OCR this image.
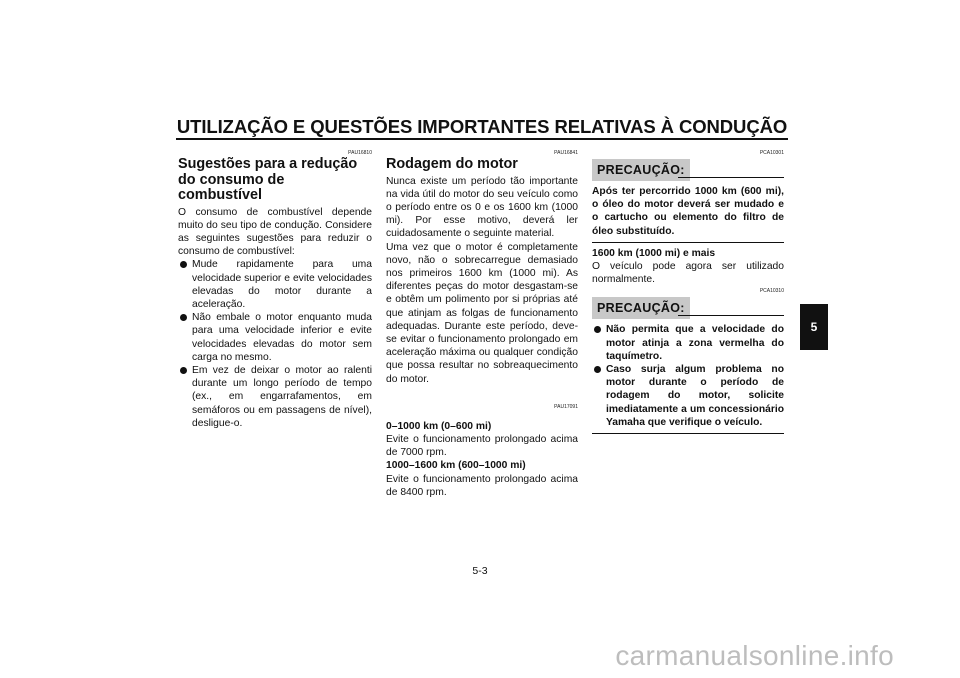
UTILIZAÇÃO E QUESTÕES IMPORTANTES RELATIVAS À CONDUÇÃO
PAU16810
Sugestões para a redução do consumo de combustível

O consumo de combustível depende muito do seu tipo de condução. Considere as seguintes sugestões para reduzir o consumo de combustível:

Mude rapidamente para uma velocidade superior e evite velocidades elevadas do motor durante a aceleração.
Não embale o motor enquanto muda para uma velocidade inferior e evite velocidades elevadas do motor sem carga no mesmo.
Em vez de deixar o motor ao ralenti durante um longo período de tempo (ex., em engarrafamentos, em semáforos ou em passagens de nível), desligue-o.
PAU16841
Rodagem do motor

Nunca existe um período tão importante na vida útil do motor do seu veículo como o período entre os 0 e os 1600 km (1000 mi). Por esse motivo, deverá ler cuidadosamente o seguinte material.

Uma vez que o motor é completamente novo, não o sobrecarregue demasiado nos primeiros 1600 km (1000 mi). As diferentes peças do motor desgastam-se e obtêm um polimento por si próprias até que atinjam as folgas de funcionamento adequadas. Durante este período, deve-se evitar o funcionamento prolongado em aceleração máxima ou qualquer condição que possa resultar no sobreaquecimento do motor.

PAU17091

0–1000 km (0–600 mi)

Evite o funcionamento prolongado acima de 7000 rpm.

1000–1600 km (600–1000 mi)

Evite o funcionamento prolongado acima de 8400 rpm.

PCA10301
PRECAUÇÃO:

Após ter percorrido 1000 km (600 mi), o óleo do motor deverá ser mudado e o cartucho ou elemento do filtro de óleo substituído.

1600 km (1000 mi) e mais

O veículo pode agora ser utilizado normalmente.

PCA10310
PRECAUÇÃO:
Não permita que a velocidade do motor atinja a zona vermelha do taquímetro.
Caso surja algum problema no motor durante o período de rodagem do motor, solicite imediatamente a um concessionário Yamaha que verifique o veículo.
5
5-3
carmanualsonline.info
